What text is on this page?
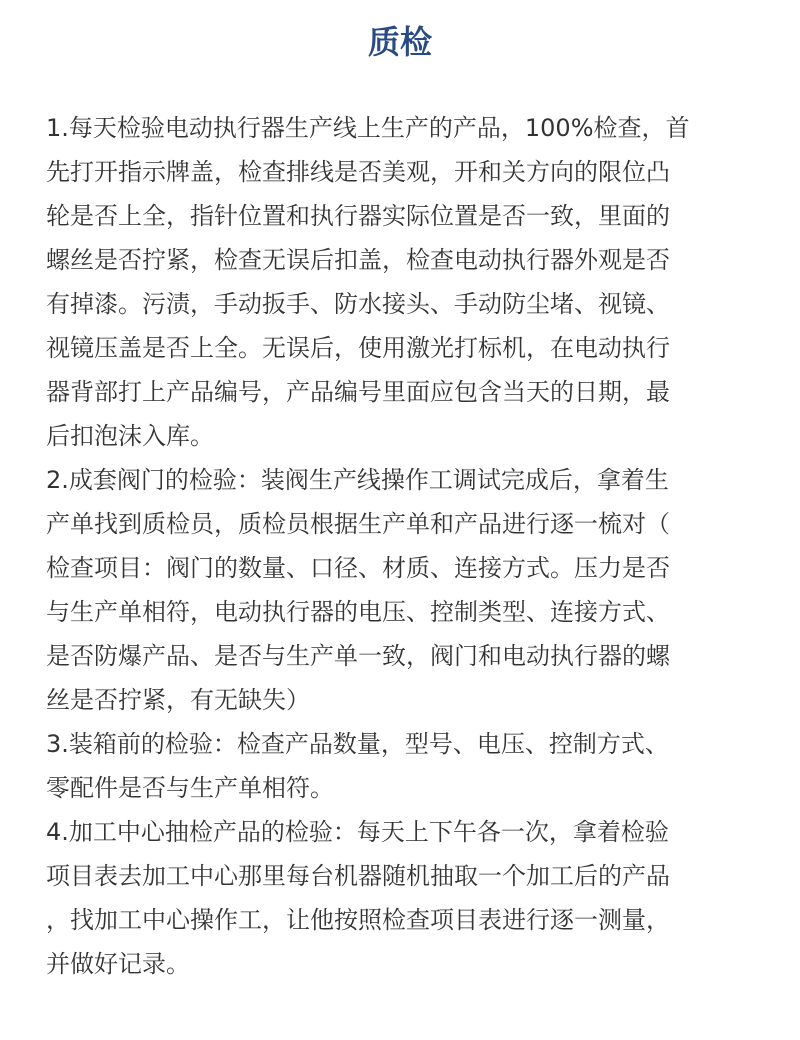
质检
1.每天检验电动执行器生产线上生产的产品，100%检查，首
先打开指示牌盖，检查排线是否美观，开和关方向的限位凸
轮是否上全，指针位置和执行器实际位置是否一致，里面的
螺丝是否拧紧，检查无误后扣盖，检查电动执行器外观是否
有掉漆。污渍，手动扳手、防水接头、手动防尘堵、视镜、
视镜压盖是否上全。无误后，使用激光打标机，在电动执行
器背部打上产品编号，产品编号里面应包含当天的日期，最
后扣泡沫入库。
2.成套阀门的检验：装阀生产线操作工调试完成后，拿着生
产单找到质检员，质检员根据生产单和产品进行逐一梳对（
检查项目：阀门的数量、口径、材质、连接方式。压力是否
与生产单相符，电动执行器的电压、控制类型、连接方式、
是否防爆产品、是否与生产单一致，阀门和电动执行器的螺
丝是否拧紧，有无缺失）
3.装箱前的检验：检查产品数量，型号、电压、控制方式、
零配件是否与生产单相符。
4.加工中心抽检产品的检验：每天上下午各一次，拿着检验
项目表去加工中心那里每台机器随机抽取一个加工后的产品
，找加工中心操作工，让他按照检查项目表进行逐一测量，
并做好记录。
